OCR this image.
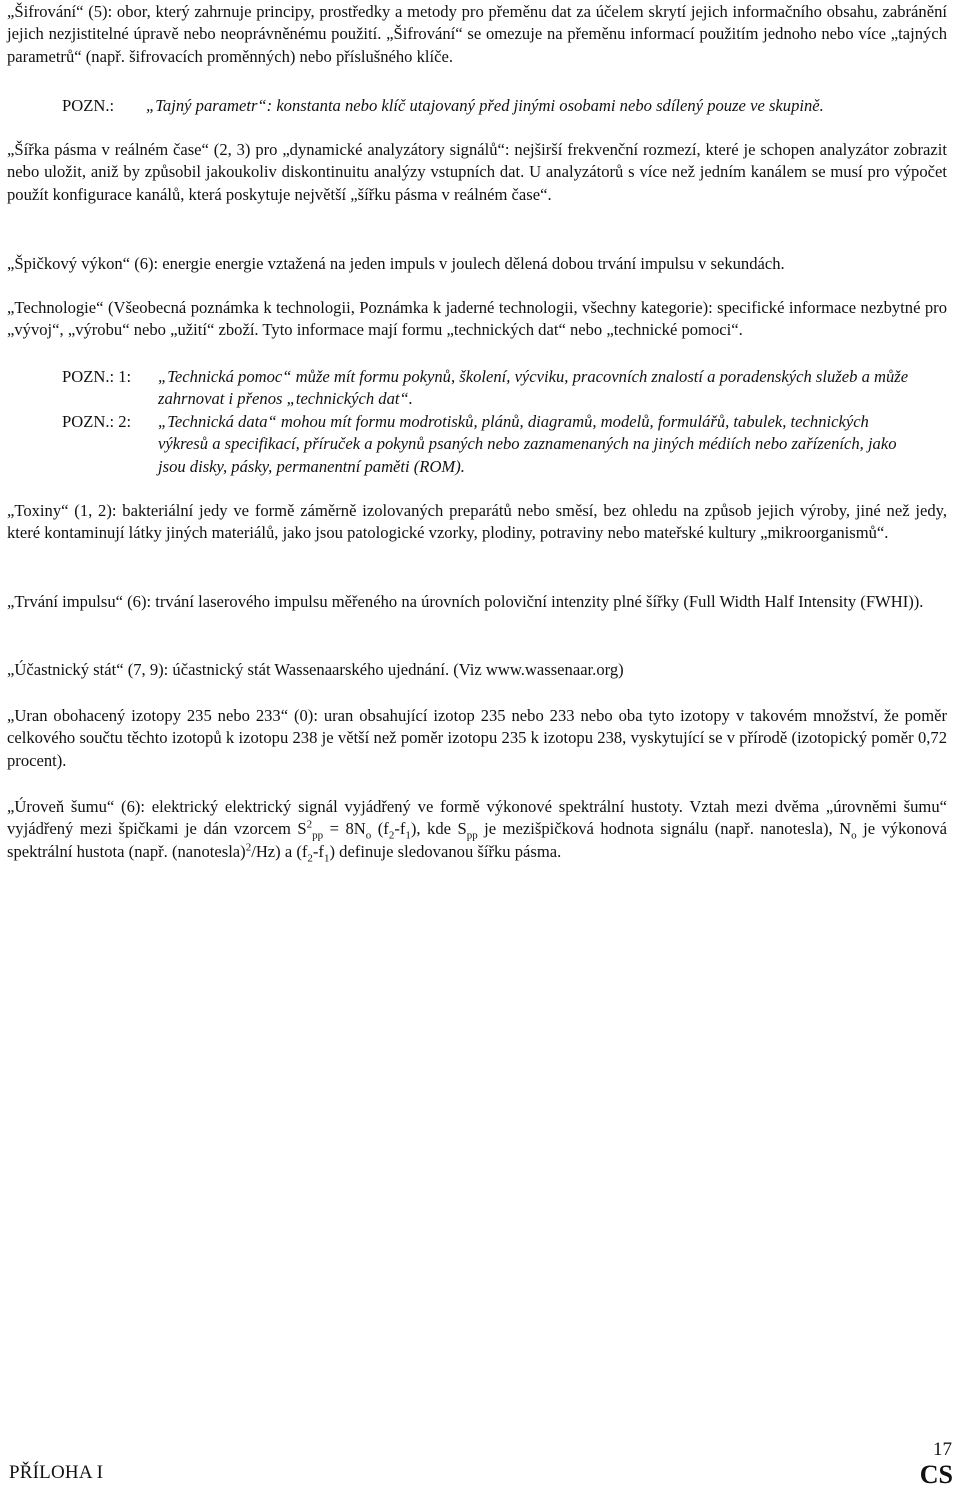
„Šifrování“ (5): obor, který zahrnuje principy, prostředky a metody pro přeměnu dat za účelem skrytí jejich informačního obsahu, zabránění jejich nezjistitelné úpravě nebo neoprávněnému použití. „Šifrování“ se omezuje na přeměnu informací použitím jednoho nebo více „tajných parametrů“ (např. šifrovacích proměnných) nebo příslušného klíče.
POZN.: „Tajný parametr“: konstanta nebo klíč utajovaný před jinými osobami nebo sdílený pouze ve skupině.
„Šířka pásma v reálném čase“ (2, 3) pro „dynamické analyzátory signálů“: nejširší frekvenční rozmezí, které je schopen analyzátor zobrazit nebo uložit, aniž by způsobil jakoukoliv diskontinuitu analýzy vstupních dat. U analyzátorů s více než jedním kanálem se musí pro výpočet použít konfigurace kanálů, která poskytuje největší „šířku pásma v reálném čase“.
„Špičkový výkon“ (6): energie energie vztažená na jeden impuls v joulech dělená dobou trvání impulsu v sekundách.
„Technologie“ (Všeobecná poznámka k technologii, Poznámka k jaderné technologii, všechny kategorie): specifické informace nezbytné pro „vývoj“, „výrobu“ nebo „užití“ zboží. Tyto informace mají formu „technických dat“ nebo „technické pomoci“.
POZN.: 1: „Technická pomoc“ může mít formu pokynů, školení, výcviku, pracovních znalostí a poradenských služeb a může zahrnovat i přenos „technických dat“.
POZN.: 2: „Technická data“ mohou mít formu modrotisků, plánů, diagramů, modelů, formulářů, tabulek, technických výkresů a specifikací, příruček a pokynů psaných nebo zaznamenaných na jiných médiích nebo zařízeních, jako jsou disky, pásky, permanentní paměti (ROM).
„Toxiny“ (1, 2): bakteriální jedy ve formě záměrně izolovaných preparátů nebo směsí, bez ohledu na způsob jejich výroby, jiné než jedy, které kontaminují látky jiných materiálů, jako jsou patologické vzorky, plodiny, potraviny nebo mateřské kultury „mikroorganismů“.
„Trvání impulsu“ (6): trvání laserového impulsu měřeného na úrovních poloviční intenzity plné šířky (Full Width Half Intensity (FWHI)).
„Účastnický stát“ (7, 9): účastnický stát Wassenaarského ujednání. (Viz www.wassenaar.org)
„Uran obohacený izotopy 235 nebo 233“ (0): uran obsahující izotop 235 nebo 233 nebo oba tyto izotopy v takovém množství, že poměr celkového součtu těchto izotopů k izotopu 238 je větší než poměr izotopu 235 k izotopu 238, vyskytující se v přírodě (izotopický poměr 0,72 procent).
„Úroveň šumu“ (6): elektrický elektrický signál vyjádřený ve formě výkonové spektrální hustoty. Vztah mezi dvěma „úrovněmi šumu“ vyjádřený mezi špičkami je dán vzorcem $S^2_{pp} = 8N_o$ $(f_2-f_1)$, kde $S_{pp}$ je mezišpičková hodnota signálu (např. nanotesla), $N_o$ je výkonová spektrální hustota (např. (nanotesla)$^2$/Hz) a $(f_2-f_1)$ definuje sledovanou šířku pásma.
PŘÍLOHA I
17
CS
